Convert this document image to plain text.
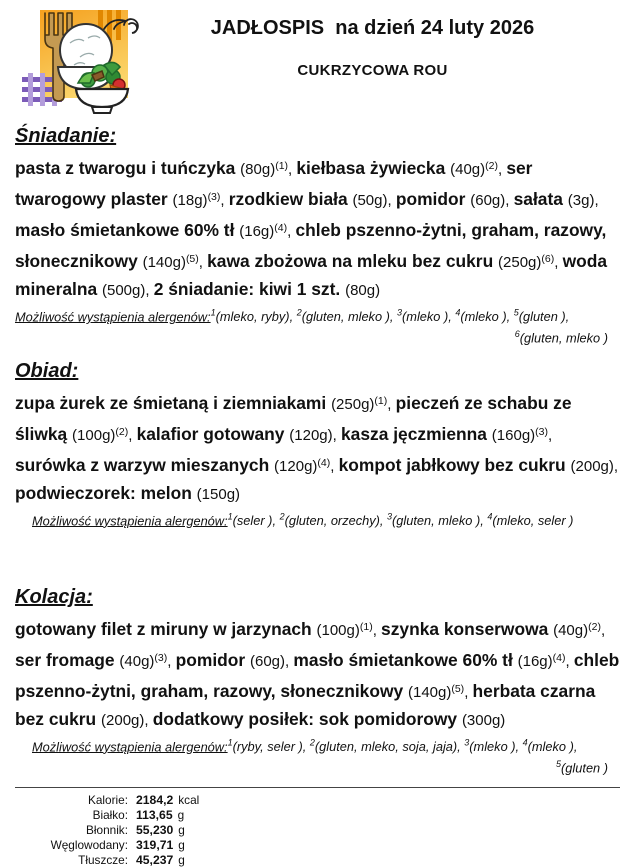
JADŁOSPIS  na dzień 24 luty 2026
CUKRZYCOWA ROU
Śniadanie:

pasta z twarogu i tuńczyka $(80g)^{(1)}$, kiełbasa żywiecka $(40g)^{(2)}$, ser twarogowy plaster $(18g)^{(3)}$, rzodkiew biała (50g), pomidor (60g), sałata (3g), masło śmietankowe 60% tł $(16g)^{(4)}$, chleb pszenno-żytni, graham, razowy, słonecznikowy $(140g)^{(5)}$, kawa zbożowa na mleku bez cukru $(250g)^{(6)}$, woda mineralna (500g), 2 śniadanie: kiwi 1 szt. (80g)

Możliwość wystąpienia alergenów:$^1$(mleko, ryby), $^2$(gluten, mleko ), $^3$(mleko ), $^4$(mleko ), $^5$(gluten ),

$^6$(gluten, mleko )

Obiad:

zupa żurek ze śmietaną i ziemniakami $(250g)^{(1)}$, pieczeń ze schabu ze śliwką $(100g)^{(2)}$, kalafior gotowany (120g), kasza jęczmienna $(160g)^{(3)}$, surówka z warzyw mieszanych $(120g)^{(4)}$, kompot jabłkowy bez cukru (200g), podwieczorek: melon (150g)

Możliwość wystąpienia alergenów:$^1$(seler ), $^2$(gluten, orzechy), $^3$(gluten, mleko ), $^4$(mleko, seler )

Kolacja:

gotowany filet z miruny w jarzynach $(100g)^{(1)}$, szynka konserwowa $(40g)^{(2)}$, ser fromage $(40g)^{(3)}$, pomidor (60g), masło śmietankowe 60% tł $(16g)^{(4)}$, chleb pszenno-żytni, graham, razowy, słonecznikowy $(140g)^{(5)}$, herbata czarna bez cukru (200g), dodatkowy posiłek: sok pomidorowy (300g)

Możliwość wystąpienia alergenów:$^1$(ryby, seler ), $^2$(gluten, mleko, soja, jaja), $^3$(mleko ), $^4$(mleko ),

$^5$(gluten )

Kalorie: 2184,2 kcal
Białko: 113,65 g
Błonnik: 55,230 g
Węglowodany: 319,71 g
Tłuszcze: 45,237 g
